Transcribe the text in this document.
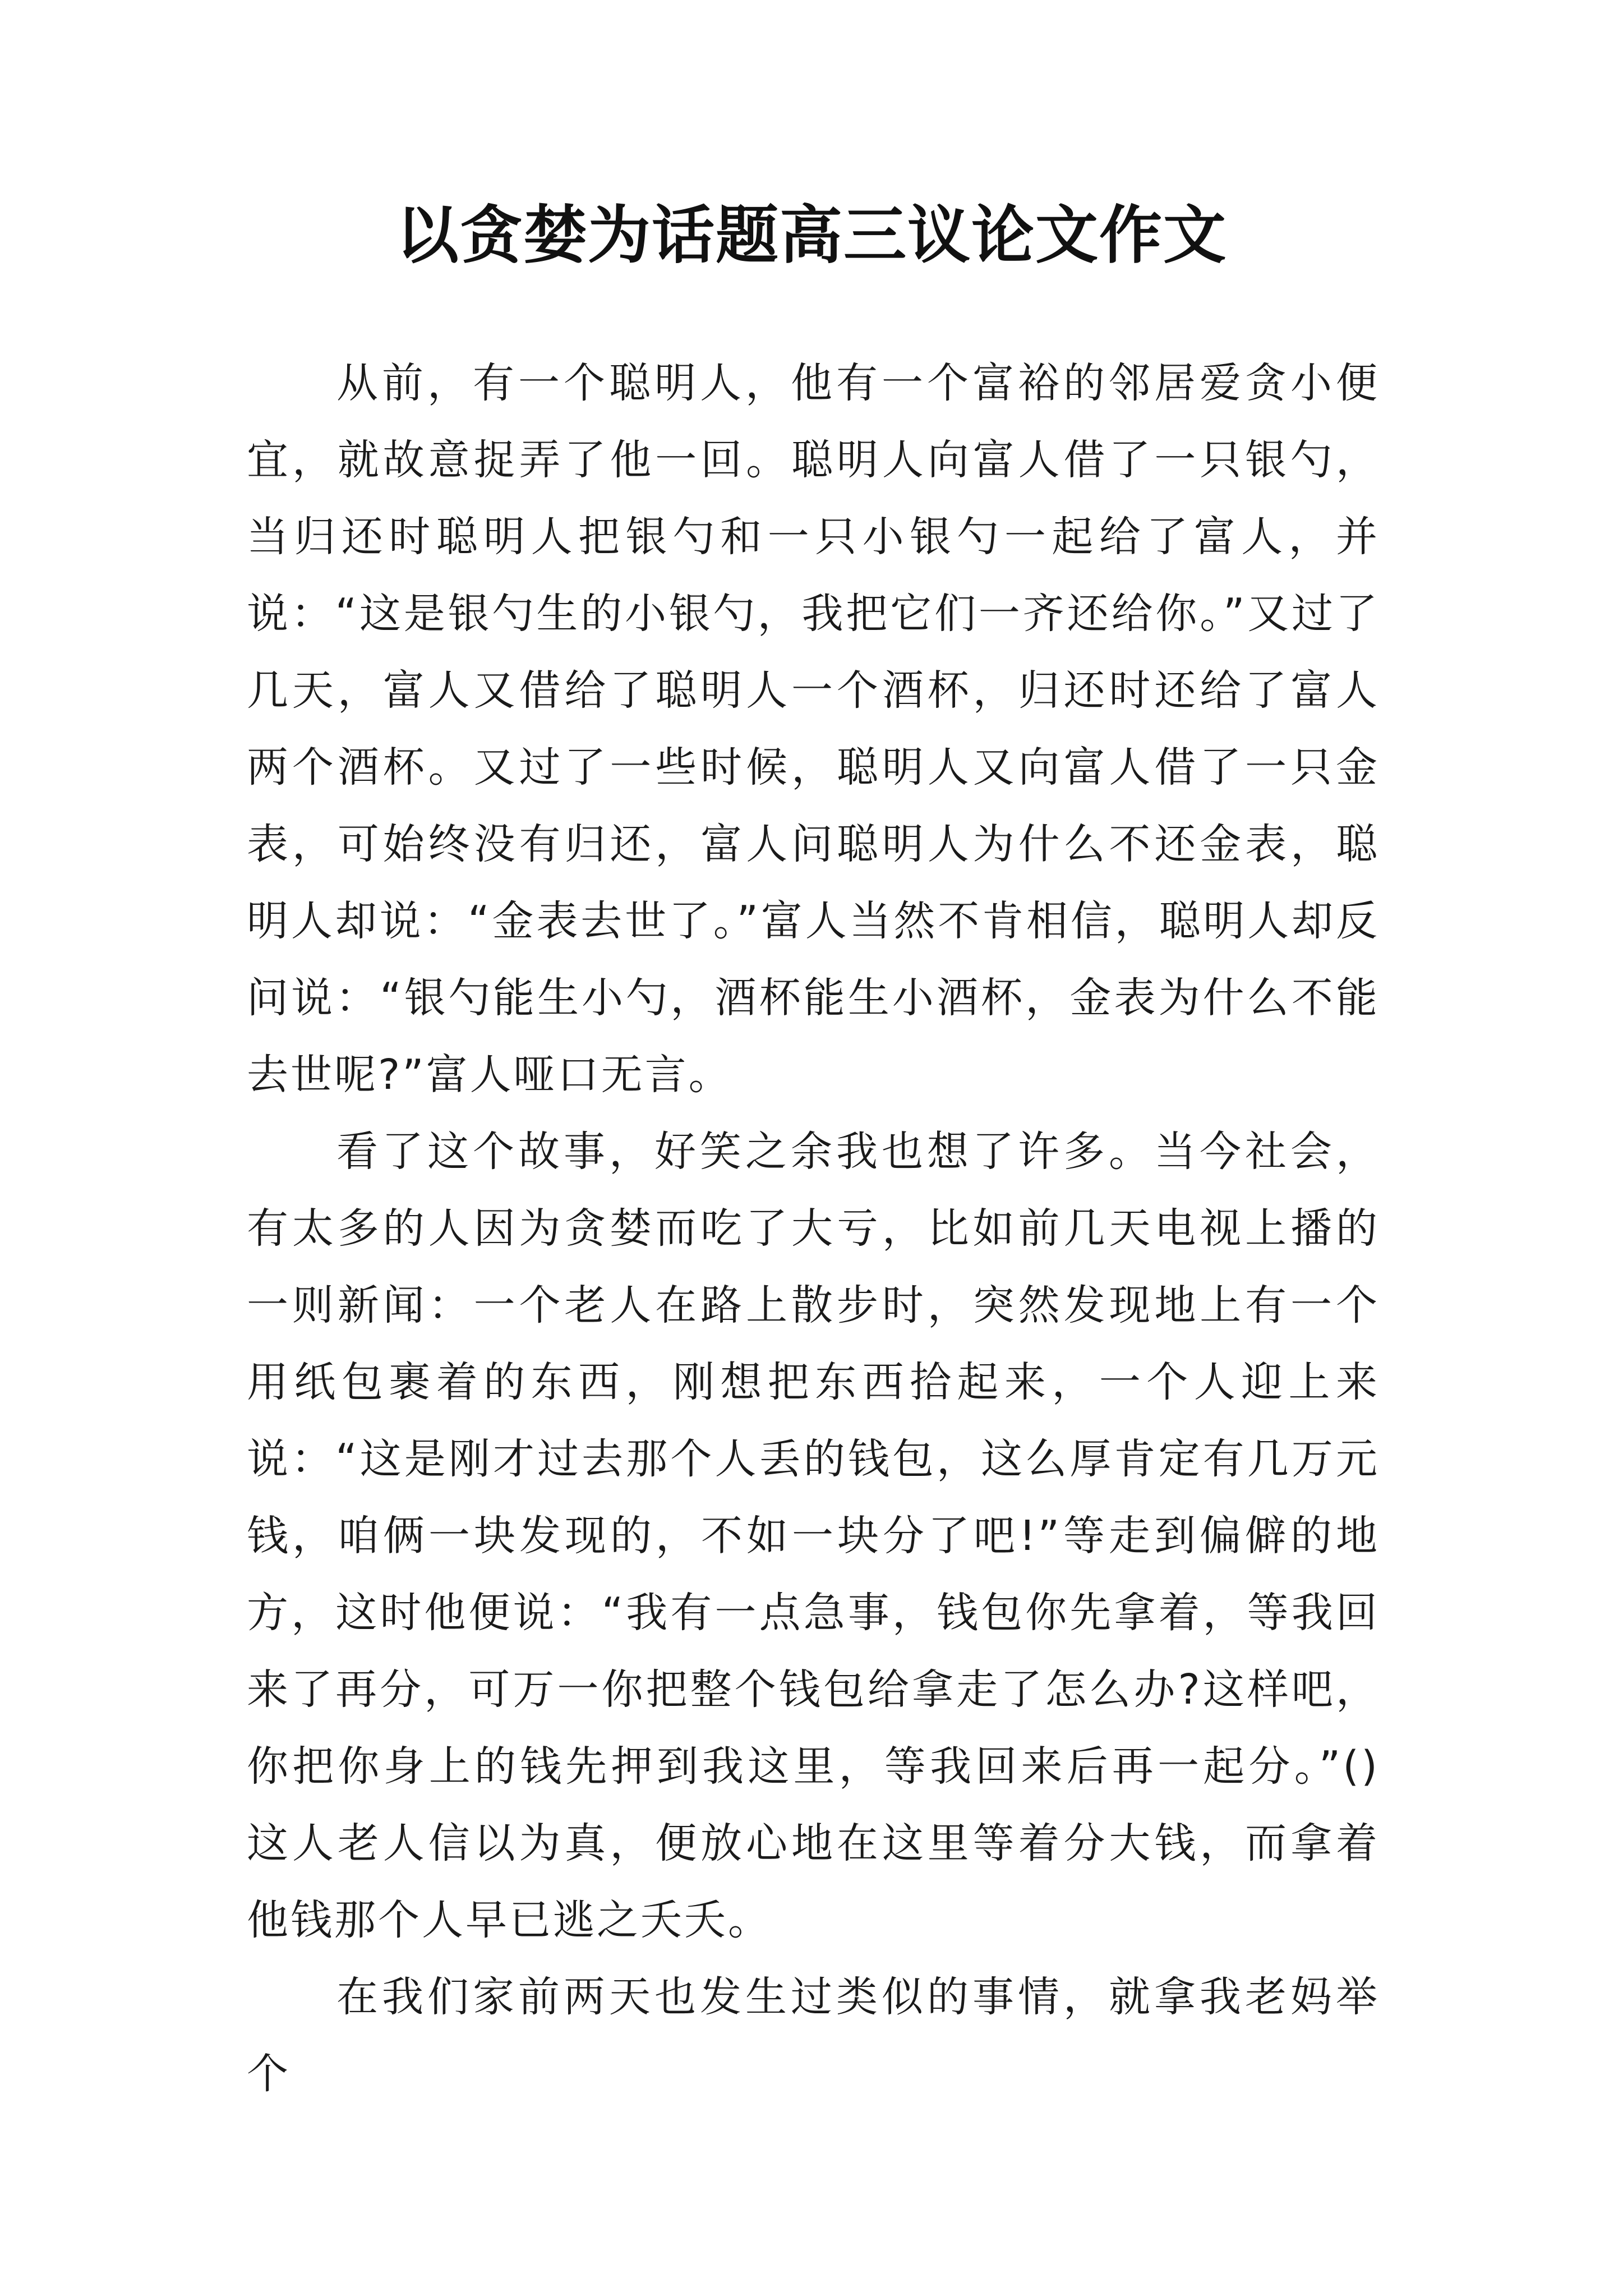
以贪婪为话题高三议论文作文

从前，有一个聪明人，他有一个富裕的邻居爱贪小便宜，就故意捉弄了他一回。聪明人向富人借了一只银勺，当归还时聪明人把银勺和一只小银勺一起给了富人，并说：“这是银勺生的小银勺，我把它们一齐还给你。”又过了几天，富人又借给了聪明人一个酒杯，归还时还给了富人两个酒杯。又过了一些时候，聪明人又向富人借了一只金表，可始终没有归还，富人问聪明人为什么不还金表，聪明人却说：“金表去世了。”富人当然不肯相信，聪明人却反问说：“银勺能生小勺，酒杯能生小酒杯，金表为什么不能去世呢?”富人哑口无言。

看了这个故事，好笑之余我也想了许多。当今社会，有太多的人因为贪婪而吃了大亏，比如前几天电视上播的一则新闻：一个老人在路上散步时，突然发现地上有一个用纸包裹着的东西，刚想把东西拾起来，一个人迎上来说：“这是刚才过去那个人丢的钱包，这么厚肯定有几万元钱，咱俩一块发现的，不如一块分了吧!”等走到偏僻的地方，这时他便说：“我有一点急事，钱包你先拿着，等我回来了再分，可万一你把整个钱包给拿走了怎么办?这样吧，你把你身上的钱先押到我这里，等我回来后再一起分。”()这人老人信以为真，便放心地在这里等着分大钱，而拿着他钱那个人早已逃之夭夭。

在我们家前两天也发生过类似的事情，就拿我老妈举个
